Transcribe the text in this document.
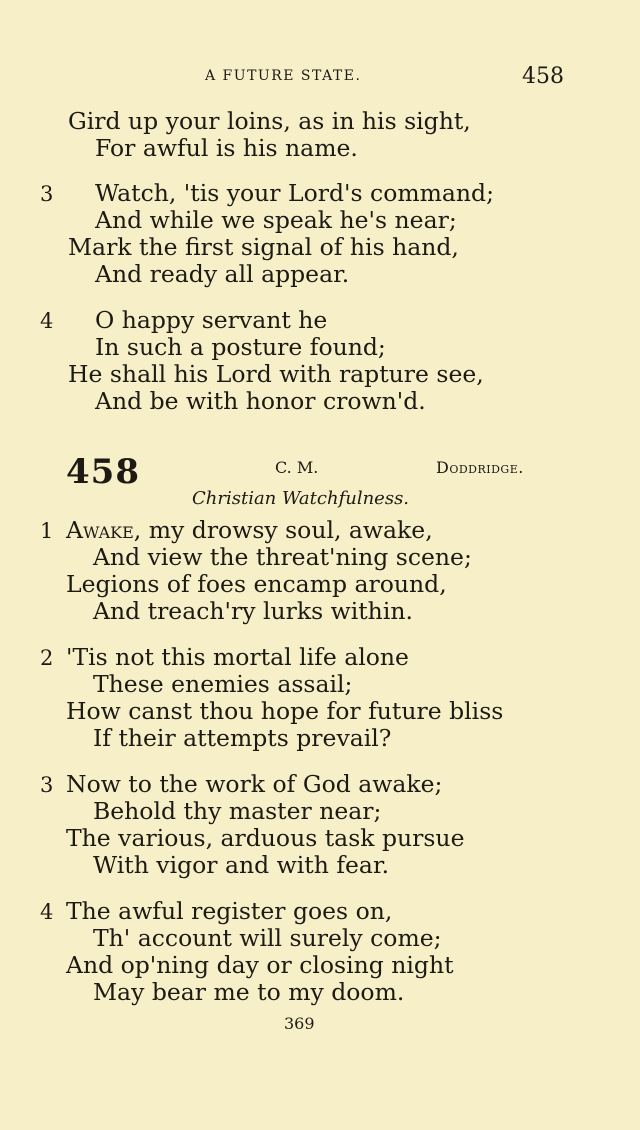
A FUTURE STATE.	458
Gird up your loins, as in his sight,
For awful is his name.
3 Watch, 'tis your Lord's command;
And while we speak he's near;
Mark the first signal of his hand,
And ready all appear.
4 O happy servant he
In such a posture found;
He shall his Lord with rapture see,
And be with honor crown'd.
458	C. M.	Doddridge.
Christian Watchfulness.
1 Awake, my drowsy soul, awake,
And view the threat'ning scene;
Legions of foes encamp around,
And treach'ry lurks within.
2 'Tis not this mortal life alone
These enemies assail;
How canst thou hope for future bliss
If their attempts prevail?
3 Now to the work of God awake;
Behold thy master near;
The various, arduous task pursue
With vigor and with fear.
4 The awful register goes on,
Th' account will surely come;
And op'ning day or closing night
May bear me to my doom.
369
